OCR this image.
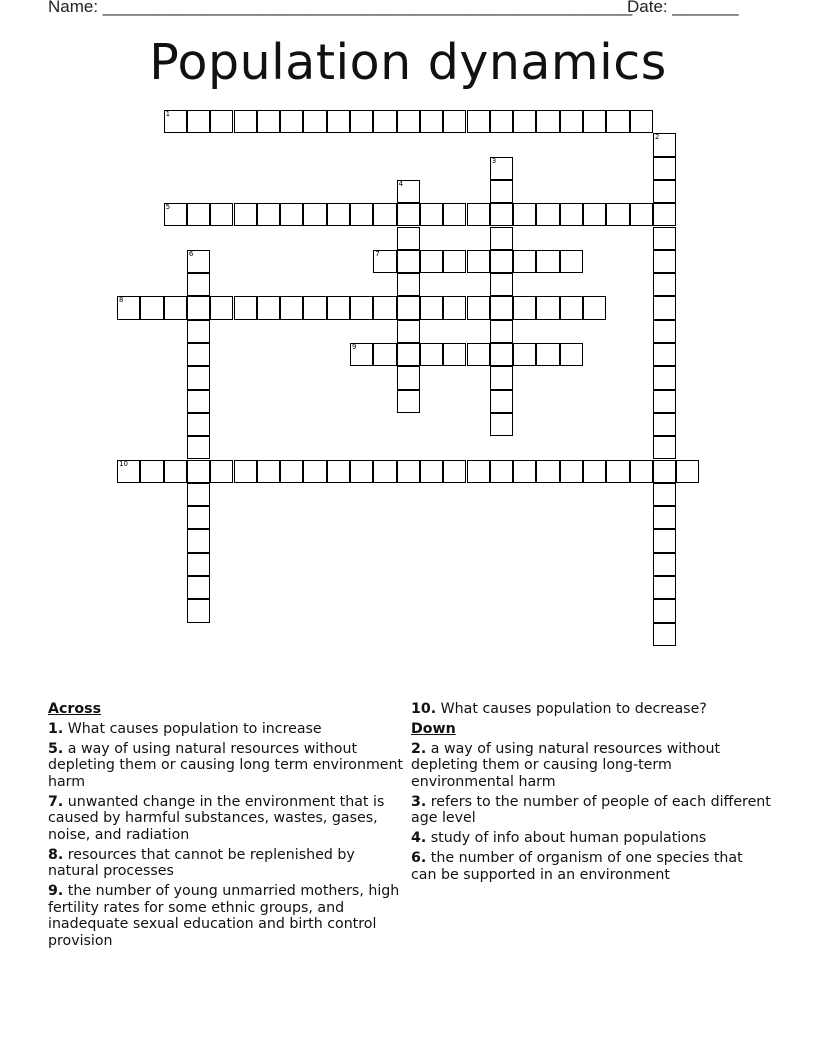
Name: ________________________________________________________
Date: _______
Population dynamics
1
2
3
4
5
6	7
8
9
10
Across
1. What causes population to increase
5. a way of using natural resources without depleting them or causing long term environment harm
7. unwanted change in the environment that is caused by harmful substances, wastes, gases, noise, and radiation
8. resources that cannot be replenished by natural processes
9. the number of young unmarried mothers, high fertility rates for some ethnic groups, and inadequate sexual education and birth control provision
10. What causes population to decrease?
Down
2. a way of using natural resources without depleting them or causing long-term environmental harm
3. refers to the number of people of each different age level
4. study of info about human populations
6. the number of organism of one species that can be supported in an environment
